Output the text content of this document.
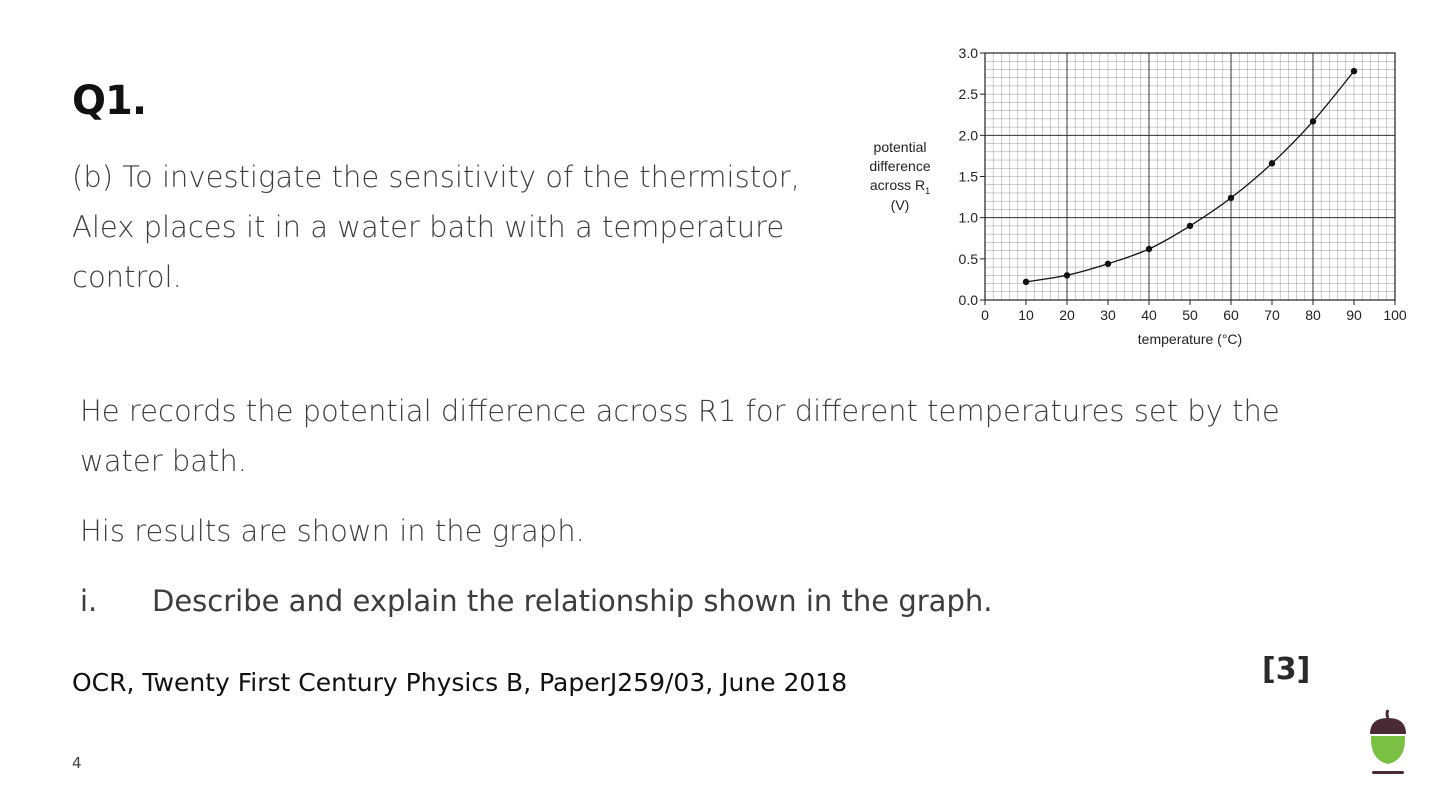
Q1.

(b) To investigate the sensitivity of the thermistor, Alex places it in a water bath with a temperature control.

0 10 20 30 40 50 60 70 80 90 100
0.0
0.5
1.0
1.5
2.0
2.5
3.0
temperature (°C)
potential
difference
across $R_1$
(V)

He records the potential difference across R1 for different temperatures set by the water bath.

His results are shown in the graph.

i. Describe and explain the relationship shown in the graph.
OCR, Twenty First Century Physics B, PaperJ259/03, June 2018	[3]
4
